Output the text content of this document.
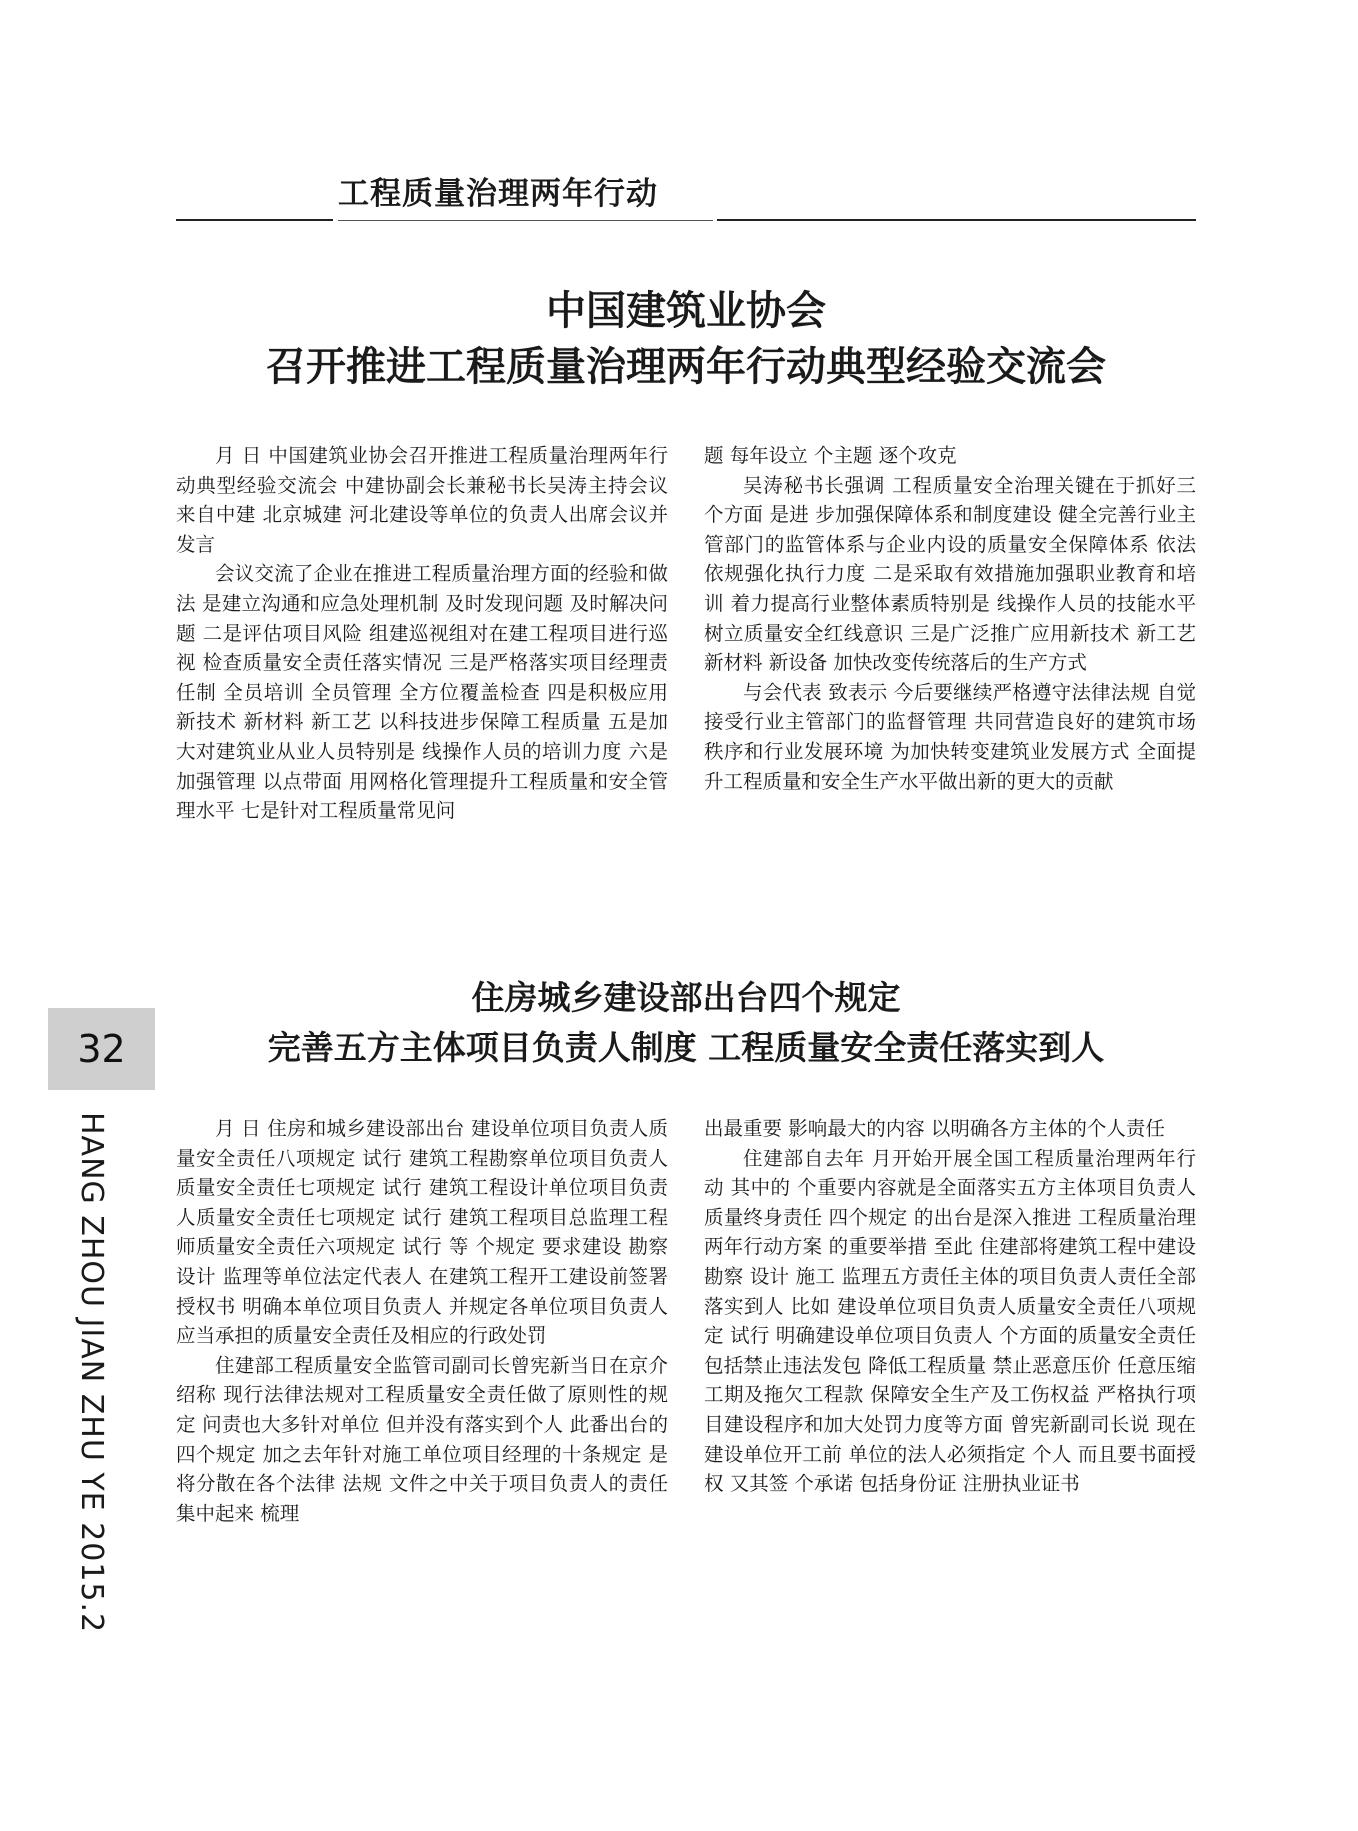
工程质量治理两年行动
中国建筑业协会
召开推进工程质量治理两年行动典型经验交流会

月 日 中国建筑业协会召开推进工程质量治理两年行动典型经验交流会 中建协副会长兼秘书长吴涛主持会议 来自中建 北京城建 河北建设等单位的负责人出席会议并发言

会议交流了企业在推进工程质量治理方面的经验和做法 是建立沟通和应急处理机制 及时发现问题 及时解决问题 二是评估项目风险 组建巡视组对在建工程项目进行巡视 检查质量安全责任落实情况 三是严格落实项目经理责任制 全员培训 全员管理 全方位覆盖检查 四是积极应用新技术 新材料 新工艺 以科技进步保障工程质量 五是加大对建筑业从业人员特别是 线操作人员的培训力度 六是加强管理 以点带面 用网格化管理提升工程质量和安全管理水平 七是针对工程质量常见问

题 每年设立 个主题 逐个攻克

吴涛秘书长强调 工程质量安全治理关键在于抓好三个方面 是进 步加强保障体系和制度建设 健全完善行业主管部门的监管体系与企业内设的质量安全保障体系 依法依规强化执行力度 二是采取有效措施加强职业教育和培训 着力提高行业整体素质特别是 线操作人员的技能水平 树立质量安全红线意识 三是广泛推广应用新技术 新工艺 新材料 新设备 加快改变传统落后的生产方式

与会代表 致表示 今后要继续严格遵守法律法规 自觉接受行业主管部门的监督管理 共同营造良好的建筑市场秩序和行业发展环境 为加快转变建筑业发展方式 全面提升工程质量和安全生产水平做出新的更大的贡献

住房城乡建设部出台四个规定
完善五方主体项目负责人制度 工程质量安全责任落实到人

月 日 住房和城乡建设部出台 建设单位项目负责人质量安全责任八项规定 试行 建筑工程勘察单位项目负责人质量安全责任七项规定 试行 建筑工程设计单位项目负责人质量安全责任七项规定 试行 建筑工程项目总监理工程师质量安全责任六项规定 试行 等 个规定 要求建设 勘察 设计 监理等单位法定代表人 在建筑工程开工建设前签署授权书 明确本单位项目负责人 并规定各单位项目负责人应当承担的质量安全责任及相应的行政处罚

住建部工程质量安全监管司副司长曾宪新当日在京介绍称 现行法律法规对工程质量安全责任做了原则性的规定 问责也大多针对单位 但并没有落实到个人 此番出台的四个规定 加之去年针对施工单位项目经理的十条规定 是将分散在各个法律 法规 文件之中关于项目负责人的责任集中起来 梳理

出最重要 影响最大的内容 以明确各方主体的个人责任

住建部自去年 月开始开展全国工程质量治理两年行动 其中的 个重要内容就是全面落实五方主体项目负责人质量终身责任 四个规定 的出台是深入推进 工程质量治理两年行动方案 的重要举措 至此 住建部将建筑工程中建设 勘察 设计 施工 监理五方责任主体的项目负责人责任全部 落实到人 比如 建设单位项目负责人质量安全责任八项规定 试行 明确建设单位项目负责人 个方面的质量安全责任 包括禁止违法发包 降低工程质量 禁止恶意压价 任意压缩工期及拖欠工程款 保障安全生产及工伤权益 严格执行项目建设程序和加大处罚力度等方面 曾宪新副司长说 现在建设单位开工前 单位的法人必须指定 个人 而且要书面授权 又其签 个承诺 包括身份证 注册执业证书

32
HANG ZHOU JIAN ZHU YE 2015.2
